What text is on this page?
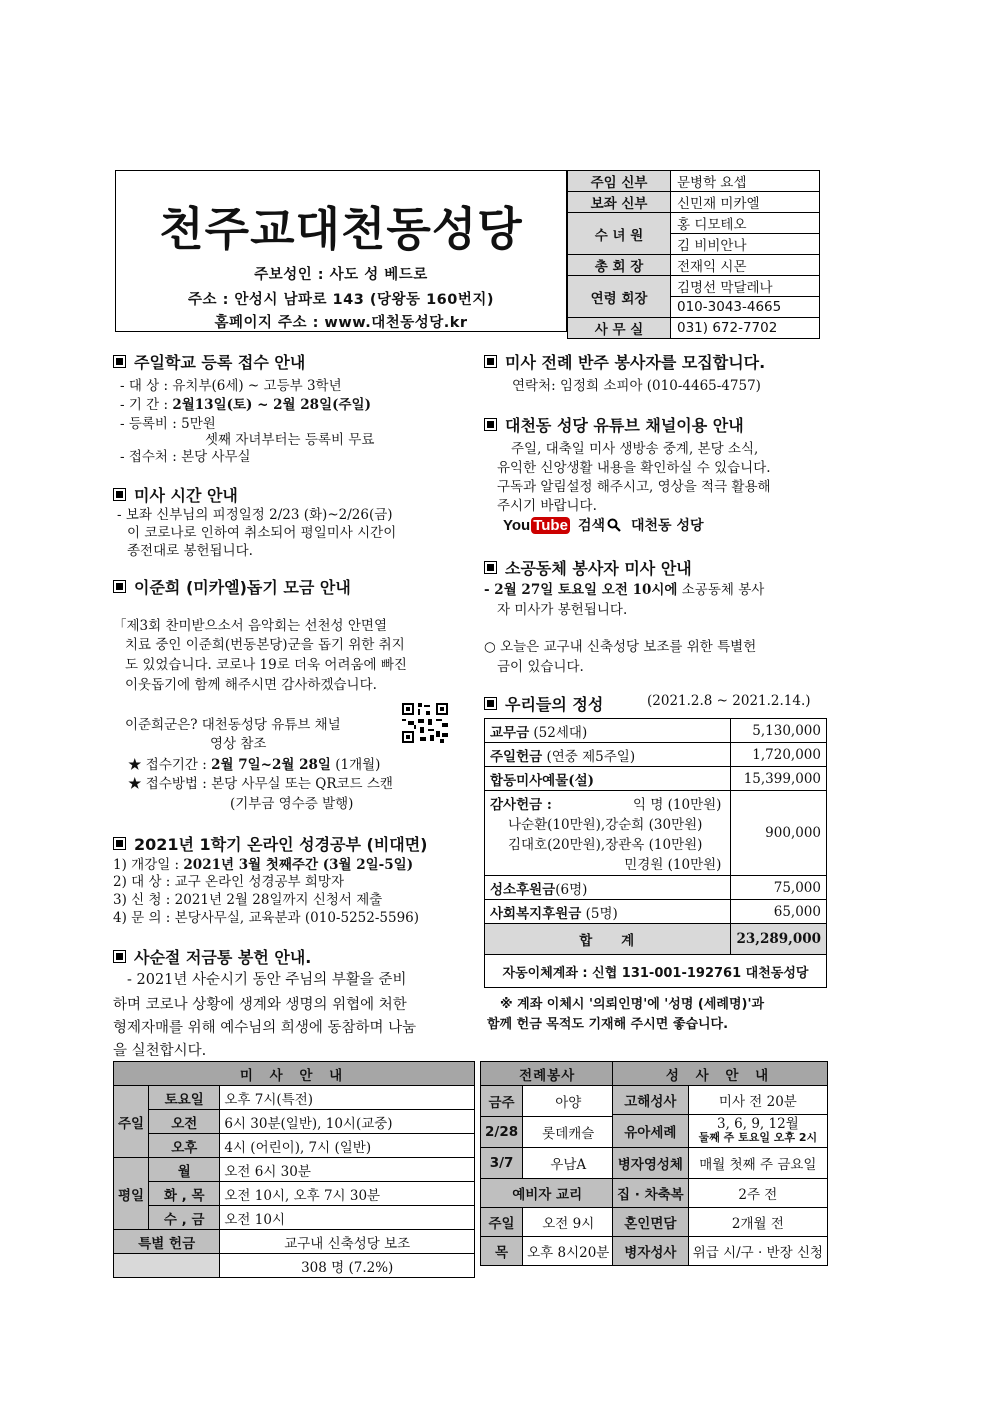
천주교대천동성당
주보성인 : 사도 성 베드로
주소 : 안성시 남파로 143 (당왕동 160번지)
홈페이지 주소 : www.대천동성당.kr
주임 신부	문병학 요셉
보좌 신부	신민재 미카엘
수 녀 원	홍 디모테오
	김 비비안나
총 회 장	전재익 시몬
연령 회장	김명선 막달레나
	010-3043-4665
사 무 실	031) 672-7702
주일학교 등록 접수 안내
- 대 상 : 유치부(6세) ~ 고등부 3학년
- 기 간 : 2월13일(토) ~ 2월 28일(주일)
- 등록비 : 5만원
셋째 자녀부터는 등록비 무료
- 접수처 : 본당 사무실
미사 시간 안내
- 보좌 신부님의 피정일정 2/23 (화)~2/26(금)
이 코로나로 인하여 취소되어 평일미사 시간이
종전대로 봉헌됩니다.
이준희 (미카엘)돕기 모금 안내
「제3회 찬미받으소서 음악회는 선천성 안면열
치료 중인 이준희(번동본당)군을 돕기 위한 취지
도 있었습니다. 코로나 19로 더욱 어려움에 빠진
이웃돕기에 함께 해주시면 감사하겠습니다.
이준희군은? 대천동성당 유튜브 채널
영상 참조
★ 접수기간 : 2월 7일~2월 28일 (1개월)
★ 접수방법 : 본당 사무실 또는 QR코드 스캔
(기부금 영수증 발행)
2021년 1학기 온라인 성경공부 (비대면)
1) 개강일 : 2021년 3월 첫째주간 (3월 2일-5일)
2) 대 상 : 교구 온라인 성경공부 희망자
3) 신 청 : 2021년 2월 28일까지 신청서 제출
4) 문 의 : 본당사무실, 교육분과 (010-5252-5596)
사순절 저금통 봉헌 안내.
- 2021년 사순시기 동안 주님의 부활을 준비
하며 코로나 상황에 생계와 생명의 위협에 처한
형제자매를 위해 예수님의 희생에 동참하며 나눔
을 실천합시다.
미사 전례 반주 봉사자를 모집합니다.
연락처: 임정희 소피아 (010-4465-4757)
대천동 성당 유튜브 채널이용 안내
주일, 대축일 미사 생방송 중계, 본당 소식,
유익한 신앙생활 내용을 확인하실 수 있습니다.
구독과 알림설정 해주시고, 영상을 적극 활용해
주시기 바랍니다.
You Tube 검색 대천동 성당
소공동체 봉사자 미사 안내
- 2월 27일 토요일 오전 10시에 소공동체 봉사
자 미사가 봉헌됩니다.
○ 오늘은 교구내 신축성당 보조를 위한 특별헌
금이 있습니다.
우리들의 정성	(2021.2.8 ~ 2021.2.14.)
교무금 (52세대)	5,130,000
주일헌금 (연중 제5주일)	1,720,000
합동미사예물(설)	15,399,000

감사헌금 : 익 명 (10만원)
나순환(10만원),강순희 (30만원)
김대호(20만원),장관옥 (10만원)
민경원 (10만원)	900,000
성소후원금(6명)	75,000
사회복지후원금 (5명)	65,000
합    계	23,289,000
자동이체계좌 : 신협 131-001-192761 대천동성당	
※ 계좌 이체시 '의뢰인명'에 '성명 (세례명)'과
함께 헌금 목적도 기재해 주시면 좋습니다.
미 사 안 내		
주일	토요일	오후 7시(특전)
	오전	6시 30분(일반), 10시(교중)
	오후	4시 (어린이), 7시 (일반)
평일	월	오전 6시 30분
	화 , 목	오전 10시, 오후 7시 30분
	수 , 금	오전 10시
특별 헌금		교구내 신축성당 보조
		308 명 (7.2%)
전례봉사	
금주	아양
2/28	롯데캐슬
3/7	우남A
예비자 교리	
주일	오전 9시
목	오후 8시20분
성 사 안 내	
고해성사	미사 전 20분
유아세례	3, 6, 9, 12월
둘째 주 토요일 오후 2시

병자영성체	매월 첫째 주 금요일
집 · 차축복	2주 전
혼인면담	2개월 전
병자성사	위급 시/구 · 반장 신청
